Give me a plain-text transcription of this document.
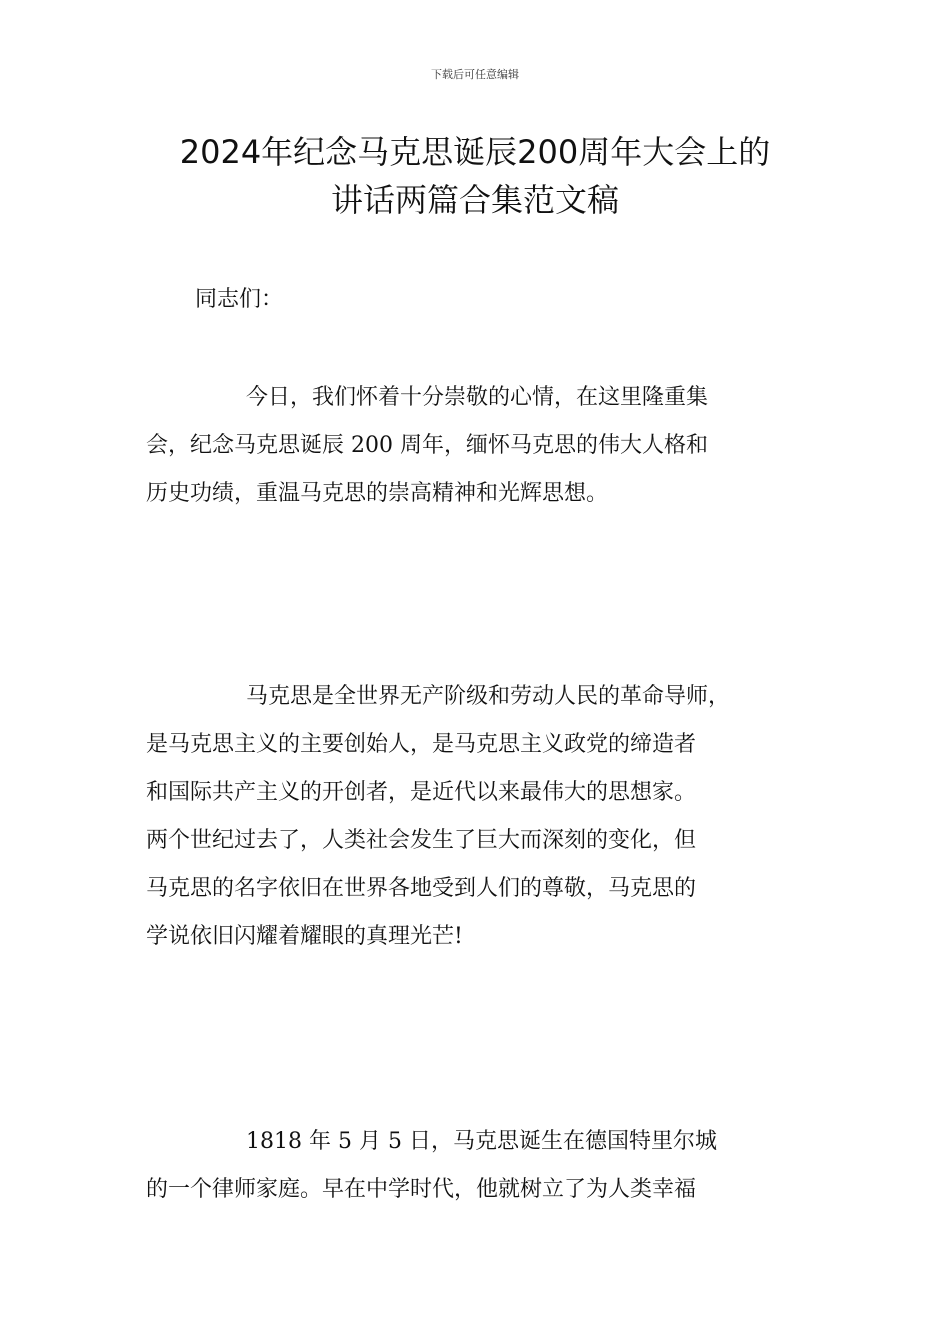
下载后可任意编辑
2024年纪念马克思诞辰200周年大会上的
讲话两篇合集范文稿

同志们：

今日，我们怀着十分崇敬的心情，在这里隆重集
会，纪念马克思诞辰 200 周年，缅怀马克思的伟大人格和
历史功绩，重温马克思的崇高精神和光辉思想。

马克思是全世界无产阶级和劳动人民的革命导师，
是马克思主义的主要创始人，是马克思主义政党的缔造者
和国际共产主义的开创者，是近代以来最伟大的思想家。
两个世纪过去了，人类社会发生了巨大而深刻的变化，但
马克思的名字依旧在世界各地受到人们的尊敬，马克思的
学说依旧闪耀着耀眼的真理光芒!

1818 年 5 月 5 日，马克思诞生在德国特里尔城
的一个律师家庭。早在中学时代，他就树立了为人类幸福
